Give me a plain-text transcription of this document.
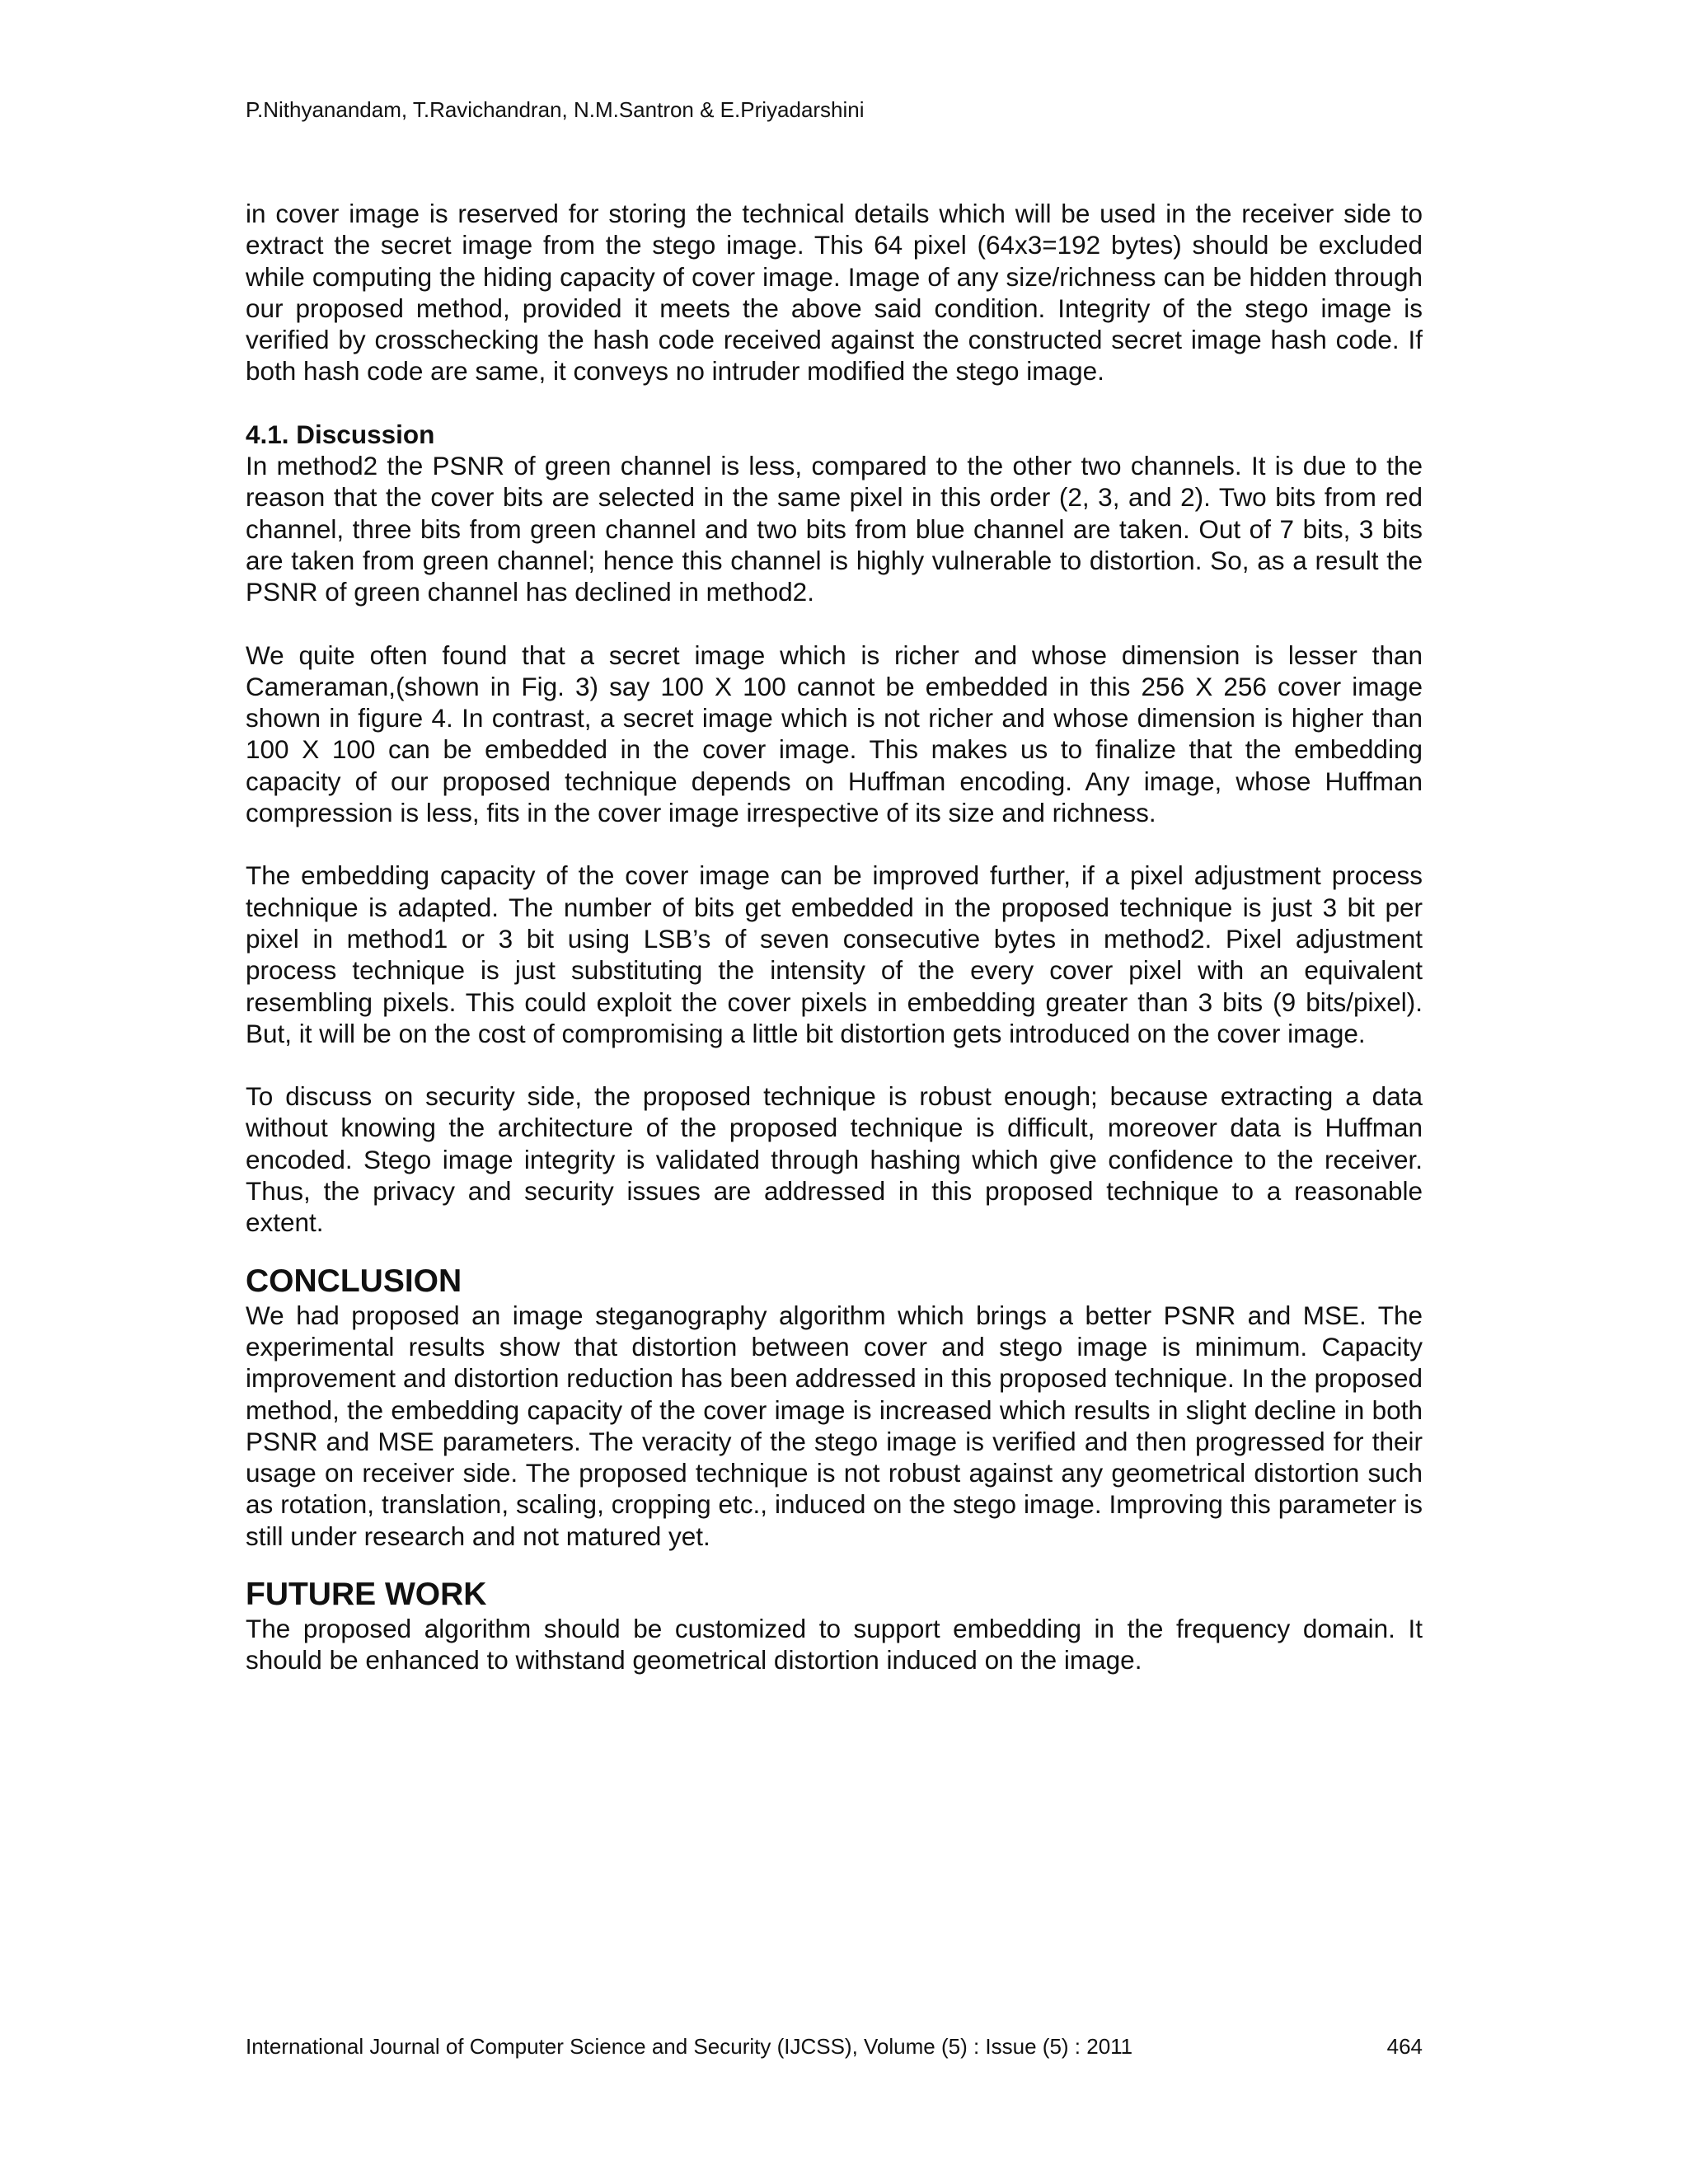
P.Nithyanandam, T.Ravichandran, N.M.Santron & E.Priyadarshini

in cover image is reserved for storing the technical details which will be used in the receiver side to extract the secret image from the stego image. This 64 pixel (64x3=192 bytes) should be excluded while computing the hiding capacity of cover image. Image of any size/richness can be hidden through our proposed method, provided it meets the above said condition. Integrity of the stego image is verified by crosschecking the hash code received against the constructed secret image hash code. If both hash code are same, it conveys no intruder modified the stego image.

4.1. Discussion

In method2 the PSNR of green channel is less, compared to the other two channels. It is due to the reason that the cover bits are selected in the same pixel in this order (2, 3, and 2). Two bits from red channel, three bits from green channel and two bits from blue channel are taken. Out of 7 bits, 3 bits are taken from green channel; hence this channel is highly vulnerable to distortion. So, as a result the PSNR of green channel has declined in method2.

We quite often found that a secret image which is richer and whose dimension is lesser than Cameraman,(shown in Fig. 3) say 100 X 100 cannot be embedded in this 256 X 256 cover image shown in figure 4. In contrast, a secret image which is not richer and whose dimension is higher than 100 X 100 can be embedded in the cover image. This makes us to finalize that the embedding capacity of our proposed technique depends on Huffman encoding. Any image, whose Huffman compression is less, fits in the cover image irrespective of its size and richness.

The embedding capacity of the cover image can be improved further, if a pixel adjustment process technique is adapted. The number of bits get embedded in the proposed technique is just 3 bit per pixel in method1 or 3 bit using LSB’s of seven consecutive bytes in method2. Pixel adjustment process technique is just substituting the intensity of the every cover pixel with an equivalent resembling pixels. This could exploit the cover pixels in embedding greater than 3 bits (9 bits/pixel). But, it will be on the cost of compromising a little bit distortion gets introduced on the cover image.

To discuss on security side, the proposed technique is robust enough; because extracting a data without knowing the architecture of the proposed technique is difficult, moreover data is Huffman encoded. Stego image integrity is validated through hashing which give confidence to the receiver. Thus, the privacy and security issues are addressed in this proposed technique to a reasonable extent.

CONCLUSION

We had proposed an image steganography algorithm which brings a better PSNR and MSE. The experimental results show that distortion between cover and stego image is minimum. Capacity improvement and distortion reduction has been addressed in this proposed technique. In the proposed method, the embedding capacity of the cover image is increased which results in slight decline in both PSNR and MSE parameters. The veracity of the stego image is verified and then progressed for their usage on receiver side. The proposed technique is not robust against any geometrical distortion such as rotation, translation, scaling, cropping etc., induced on the stego image. Improving this parameter is still under research and not matured yet.

FUTURE WORK

The proposed algorithm should be customized to support embedding in the frequency domain. It should be enhanced to withstand geometrical distortion induced on the image.

International Journal of Computer Science and Security (IJCSS), Volume (5) : Issue (5) : 2011	464
